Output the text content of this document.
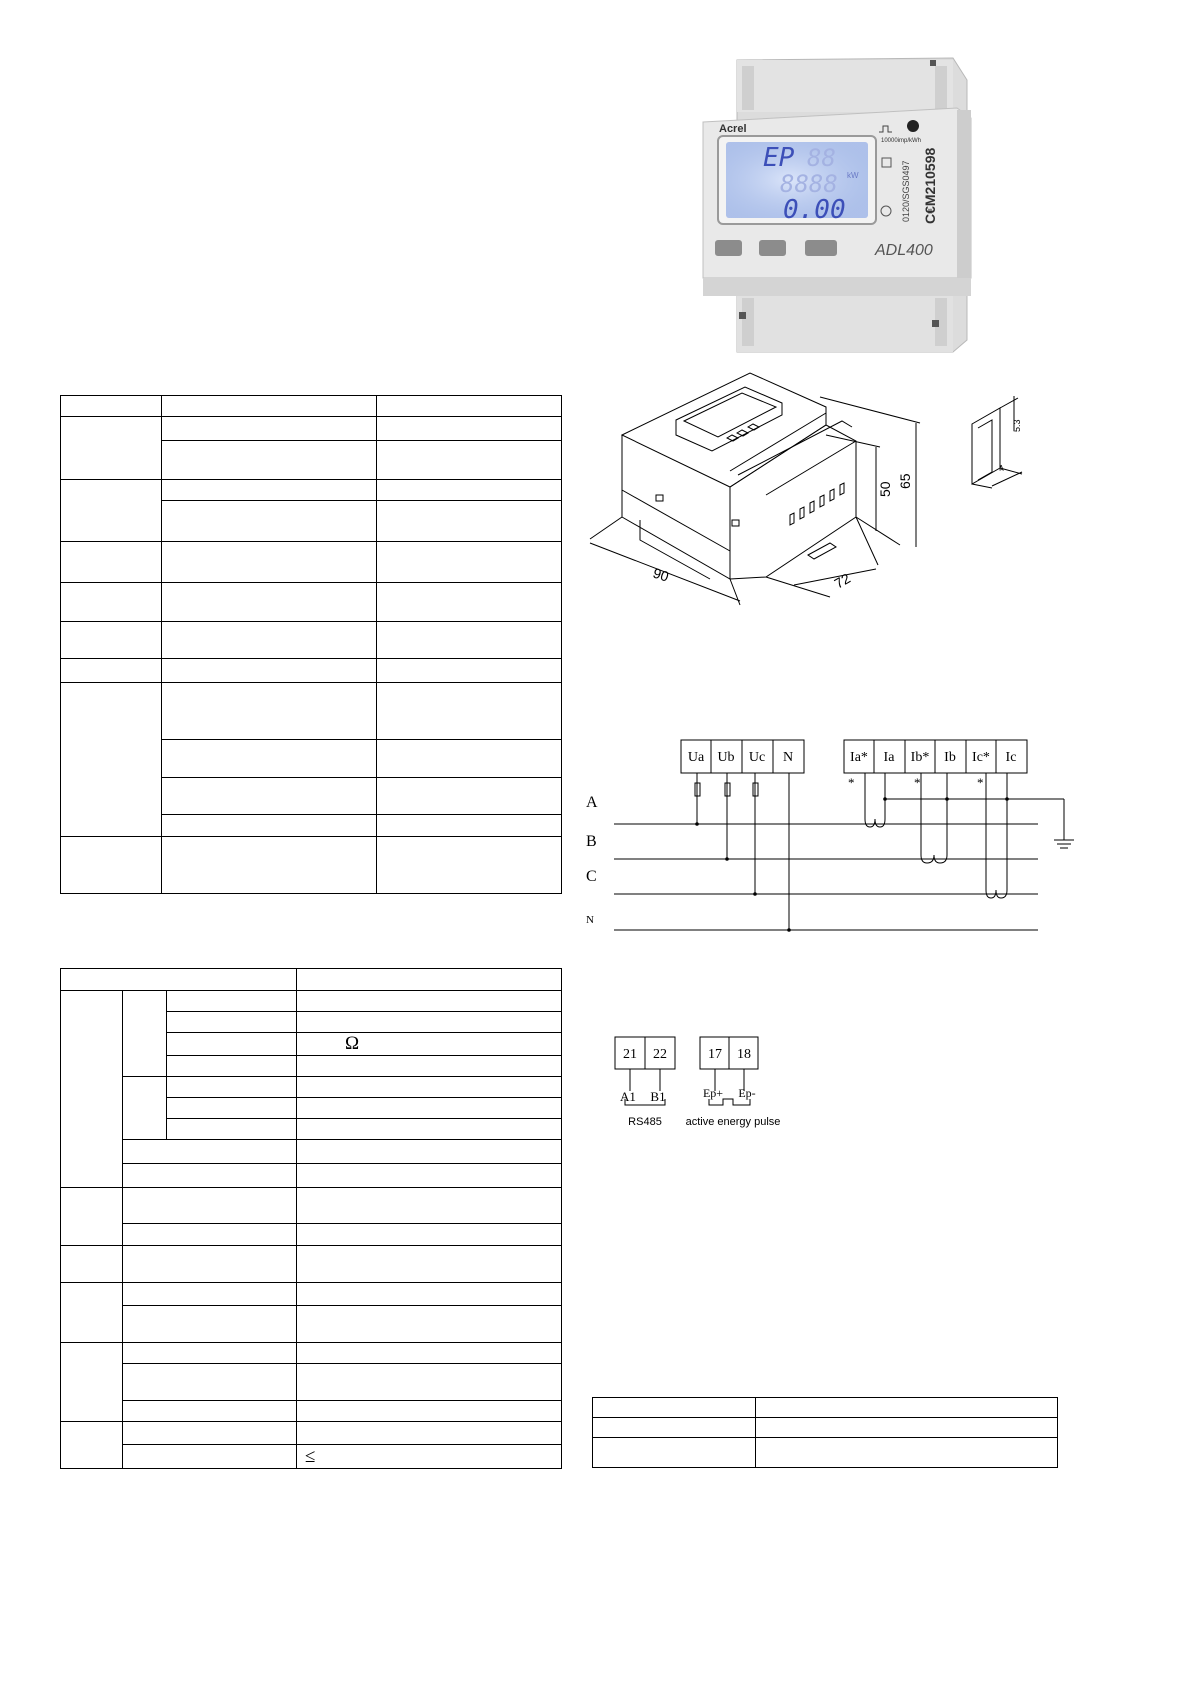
Acrel
EP 88
8888 kW
0.00
10000imp/kWh
0120/SGS0497 C€M210598
ADL400

			Ω

			≤
90	72
50
65
5.3
4
Ua Ub Uc N	Ia* Ia Ib* Ib Ic* Ic
*	*	*
A
B
C
N
21 22	17 18
A1 B1	Ep+ Ep-
RS485 active energy pulse
